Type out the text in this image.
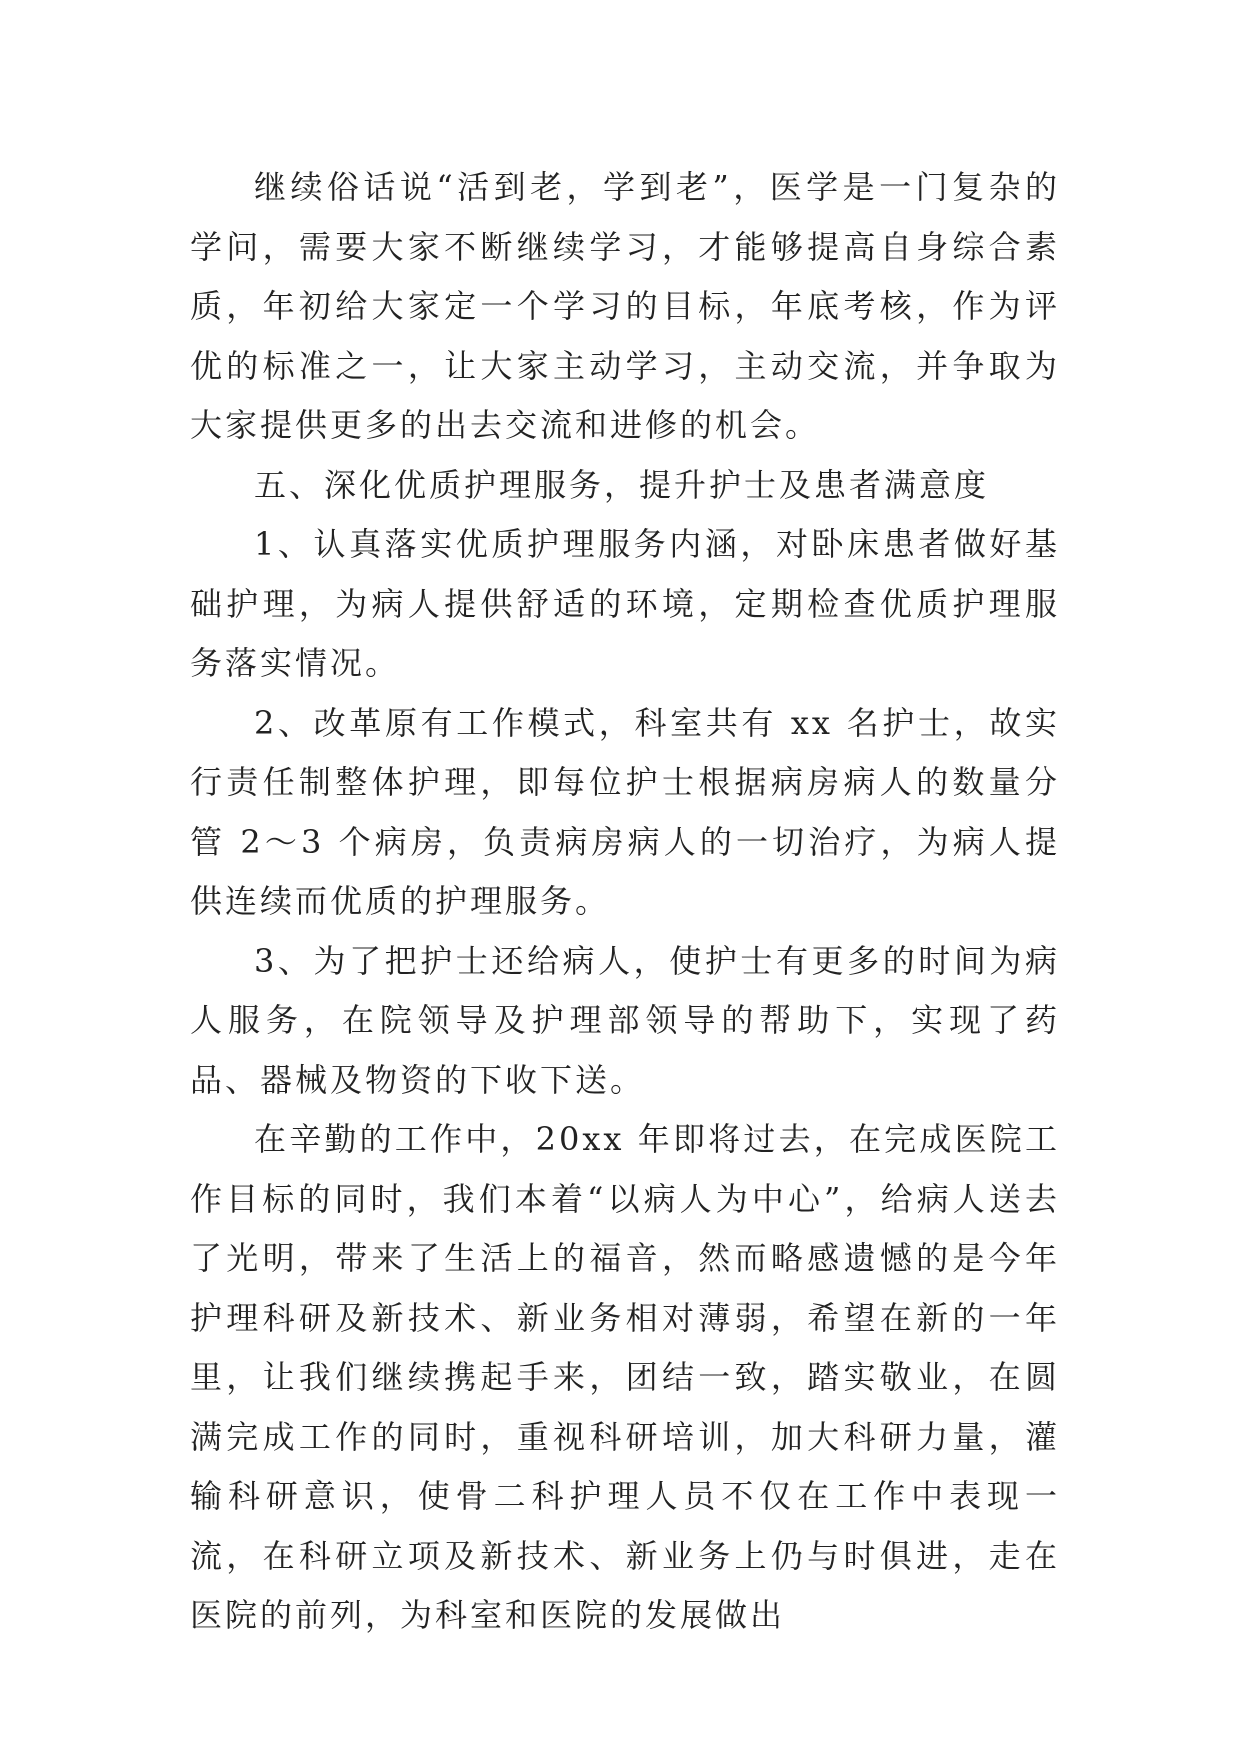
继续俗话说“活到老，学到老”，医学是一门复杂的学问，需要大家不断继续学习，才能够提高自身综合素质，年初给大家定一个学习的目标，年底考核，作为评优的标准之一，让大家主动学习，主动交流，并争取为大家提供更多的出去交流和进修的机会。

五、深化优质护理服务，提升护士及患者满意度

1、认真落实优质护理服务内涵，对卧床患者做好基础护理，为病人提供舒适的环境，定期检查优质护理服务落实情况。

2、改革原有工作模式，科室共有 xx 名护士，故实行责任制整体护理，即每位护士根据病房病人的数量分管 2～3 个病房，负责病房病人的一切治疗，为病人提供连续而优质的护理服务。

3、为了把护士还给病人，使护士有更多的时间为病人服务，在院领导及护理部领导的帮助下，实现了药品、器械及物资的下收下送。

在辛勤的工作中，20xx 年即将过去，在完成医院工作目标的同时，我们本着“以病人为中心”，给病人送去了光明，带来了生活上的福音，然而略感遗憾的是今年护理科研及新技术、新业务相对薄弱，希望在新的一年里，让我们继续携起手来，团结一致，踏实敬业，在圆满完成工作的同时，重视科研培训，加大科研力量，灌输科研意识，使骨二科护理人员不仅在工作中表现一流，在科研立项及新技术、新业务上仍与时俱进，走在医院的前列，为科室和医院的发展做出
